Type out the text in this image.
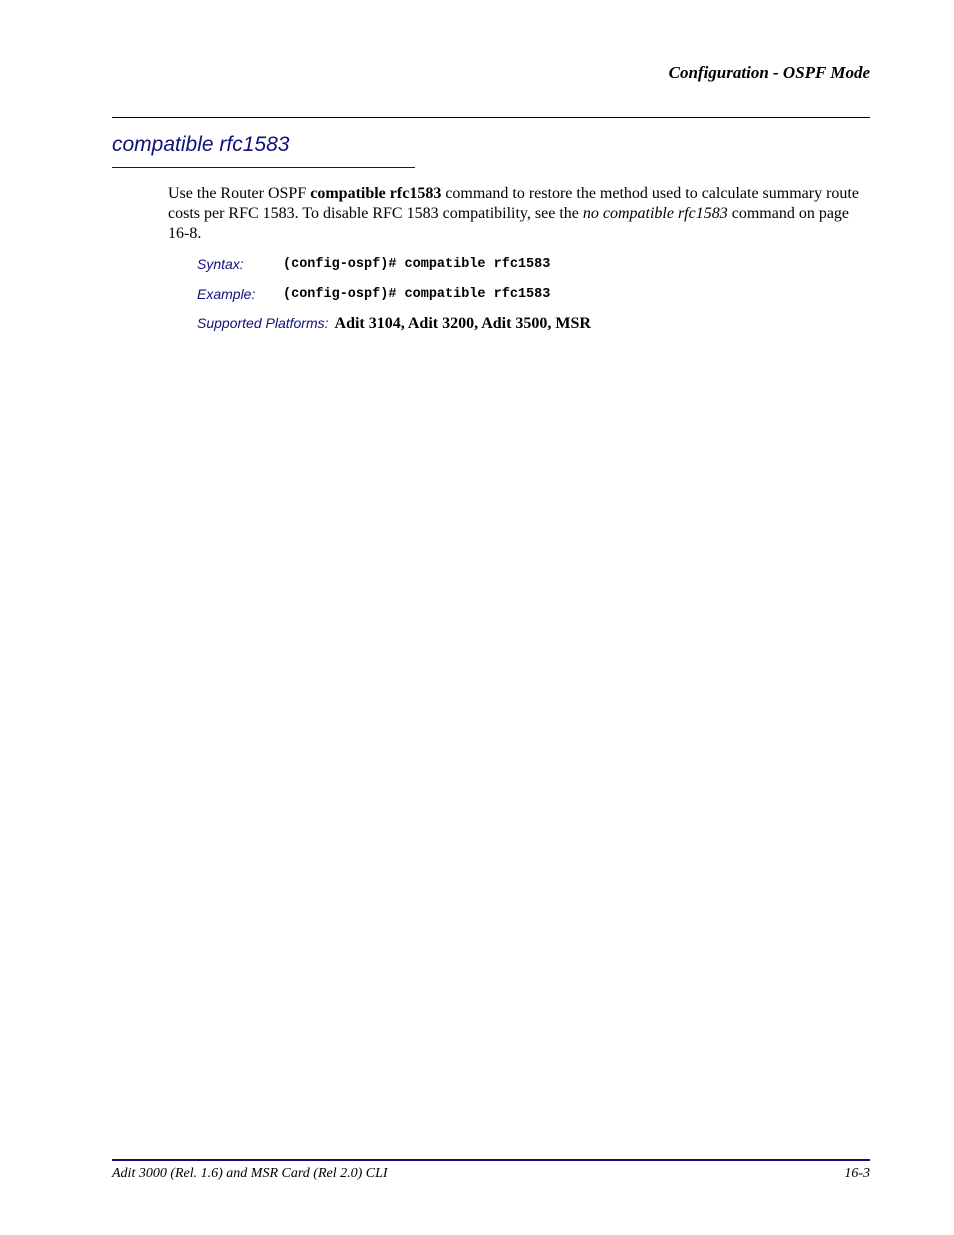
Configuration - OSPF Mode
compatible rfc1583

Use the Router OSPF compatible rfc1583 command to restore the method used to calculate summary route costs per RFC 1583. To disable RFC 1583 compatibility, see the no compatible rfc1583 command on page 16-8.

Syntax:	(config-ospf)# compatible rfc1583
Example: (config-ospf)# compatible rfc1583
Supported Platforms: Adit 3104, Adit 3200, Adit 3500, MSR
Adit 3000 (Rel. 1.6) and MSR Card (Rel 2.0) CLI	16-3
